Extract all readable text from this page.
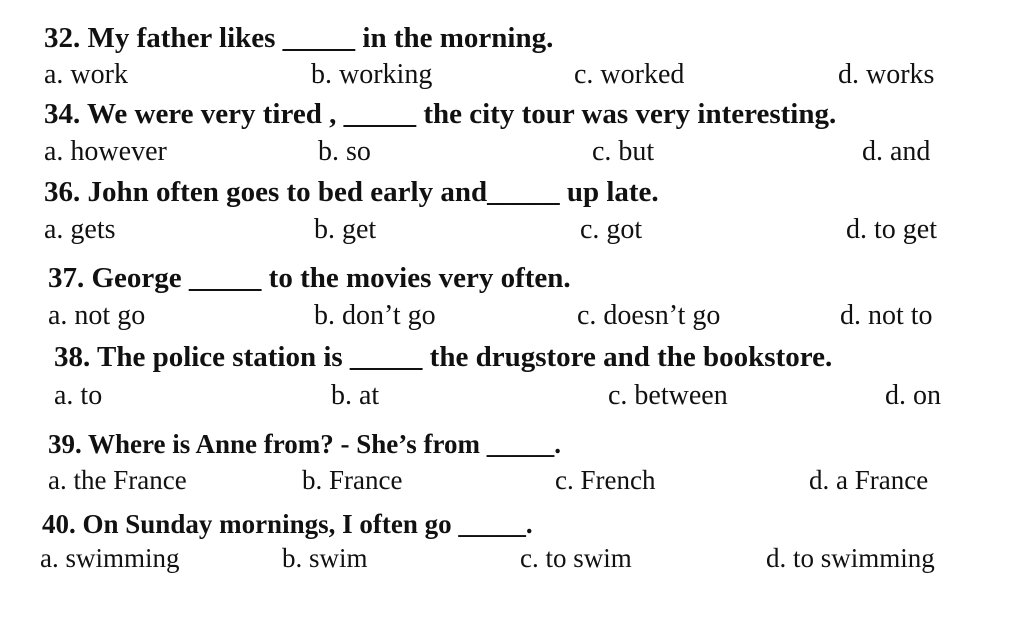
32. My father likes _____ in the morning.
a. work	b. working	c. worked	d. works
34. We were very tired , _____ the city tour was very interesting.
a. however	b. so	c. but	d. and
36. John often goes to bed early and_____ up late.
a. gets	b. get	c. got	d. to get
37. George _____ to the movies very often.
a. not go	b. don’t go	c. doesn’t go	d. not to
38. The police station is _____ the drugstore and the bookstore.
a. to	b. at	c. between	d. on
39. Where is Anne from? - She’s from _____.
a. the France	b. France	c. French	d. a France
40. On Sunday mornings, I often go _____.
a. swimming	b. swim	c. to swim	d. to swimming
